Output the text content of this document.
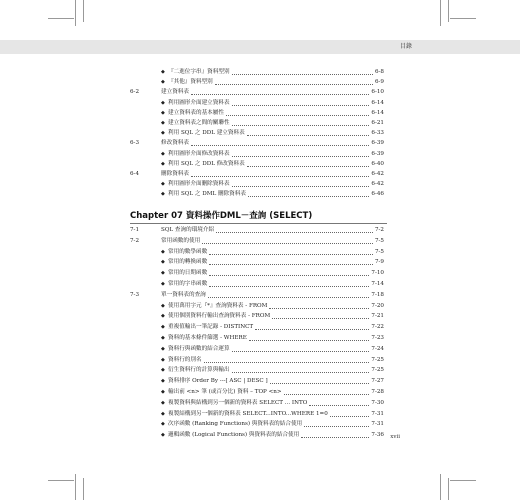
目錄
◆ 『二進位字串』資料型別	6-8
◆ 『其他』資料型別	6-9
6-2	建立資料表	6-10
◆ 利用圖形介面建立資料表	6-14
◆ 建立資料表的基本屬性	6-14
◆ 建立資料表之間的關聯性	6-21
◆ 利用 SQL 之 DDL 建立資料表	6-33
6-3	修改資料表	6-39
◆ 利用圖形介面修改資料表	6-39
◆ 利用 SQL 之 DDL 修改資料表	6-40
6-4	刪除資料表	6-42
◆ 利用圖形介面刪除資料表	6-42
◆ 利用 SQL 之 DML 刪除資料表	6-46
Chapter 07 資料操作DML－查詢 (SELECT)
7-1	SQL 查詢的環境介紹	7-2
7-2	常用函數的使用	7-5
◆ 常用的數學函數	7-5
◆ 常用的轉換函數	7-9
◆ 常用的日期函數	7-10
◆ 常用的字串函數	7-14
7-3	單一資料表的查詢	7-18
◆ 使用萬用字元『*』查詢資料表 - FROM	7-20
◆ 使用個別資料行輸出查詢資料表 - FROM	7-21
◆ 重複值輸出一筆記錄 - DISTINCT	7-22
◆ 資料的基本條件篩選 - WHERE	7-23
◆ 資料行與函數的結合運算	7-24
◆ 資料行的別名	7-25
◆ 衍生資料行的計算與輸出	7-25
◆ 資料排序 Order By ---[ ASC | DESC ]	7-27
◆ 輸出前 <n> 筆 (或百分比) 資料 – TOP <n>	7-28
◆ 複製資料與結構到另一個新的資料表 SELECT ... INTO	7-30
◆ 複製結構到另一個新的資料表 SELECT...INTO...WHERE 1=0	7-31
◆ 次序函數 (Ranking Functions) 與資料表的結合使用	7-31
◆ 邏輯函數 (Logical Functions) 與資料表的結合使用	7-36 xvii
